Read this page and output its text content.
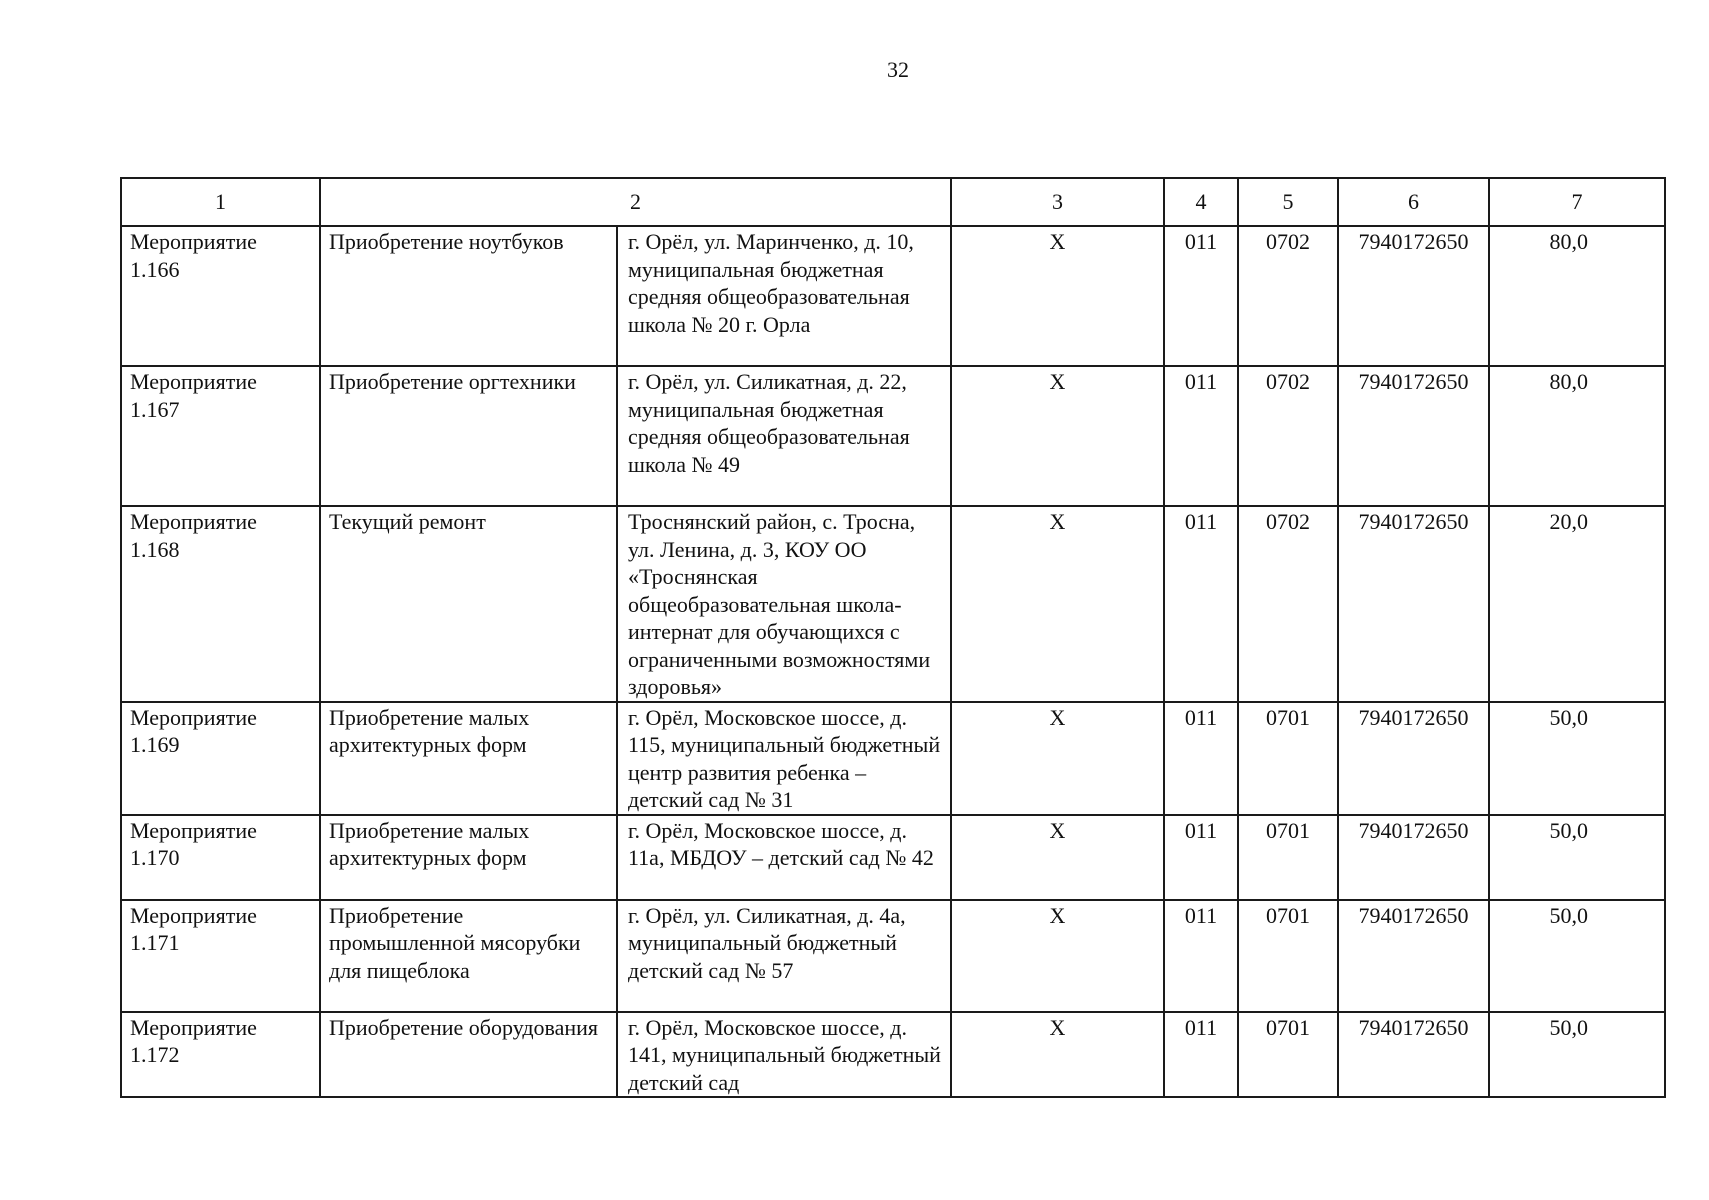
32
1	2		3	4	5	6	7
Мероприятие 1.166	Приобретение ноутбуков	г. Орёл, ул. Маринченко, д. 10, муниципальная бюджетная средняя общеобразовательная школа № 20 г. Орла	Х	011	0702	7940172650	80,0
Мероприятие 1.167	Приобретение оргтехники	г. Орёл, ул. Силикатная, д. 22, муниципальная бюджетная средняя общеобразовательная школа № 49	Х	011	0702	7940172650	80,0
Мероприятие 1.168	Текущий ремонт	Троснянский район, с. Тросна, ул. Ленина, д. 3, КОУ ОО «Троснянская общеобразовательная школа-интернат для обучающихся с ограниченными возможностями здоровья»	Х	011	0702	7940172650	20,0
Мероприятие 1.169	Приобретение малых архитектурных форм	г. Орёл, Московское шоссе, д. 115, муниципальный бюджетный центр развития ребенка – детский сад № 31	Х	011	0701	7940172650	50,0
Мероприятие 1.170	Приобретение малых архитектурных форм	г. Орёл, Московское шоссе, д. 11а, МБДОУ – детский сад № 42	Х	011	0701	7940172650	50,0
Мероприятие 1.171	Приобретение промышленной мясорубки для пищеблока	г. Орёл, ул. Силикатная, д. 4а, муниципальный бюджетный детский сад № 57	Х	011	0701	7940172650	50,0
Мероприятие 1.172	Приобретение оборудования	г. Орёл, Московское шоссе, д. 141, муниципальный бюджетный детский сад	Х	011	0701	7940172650	50,0
